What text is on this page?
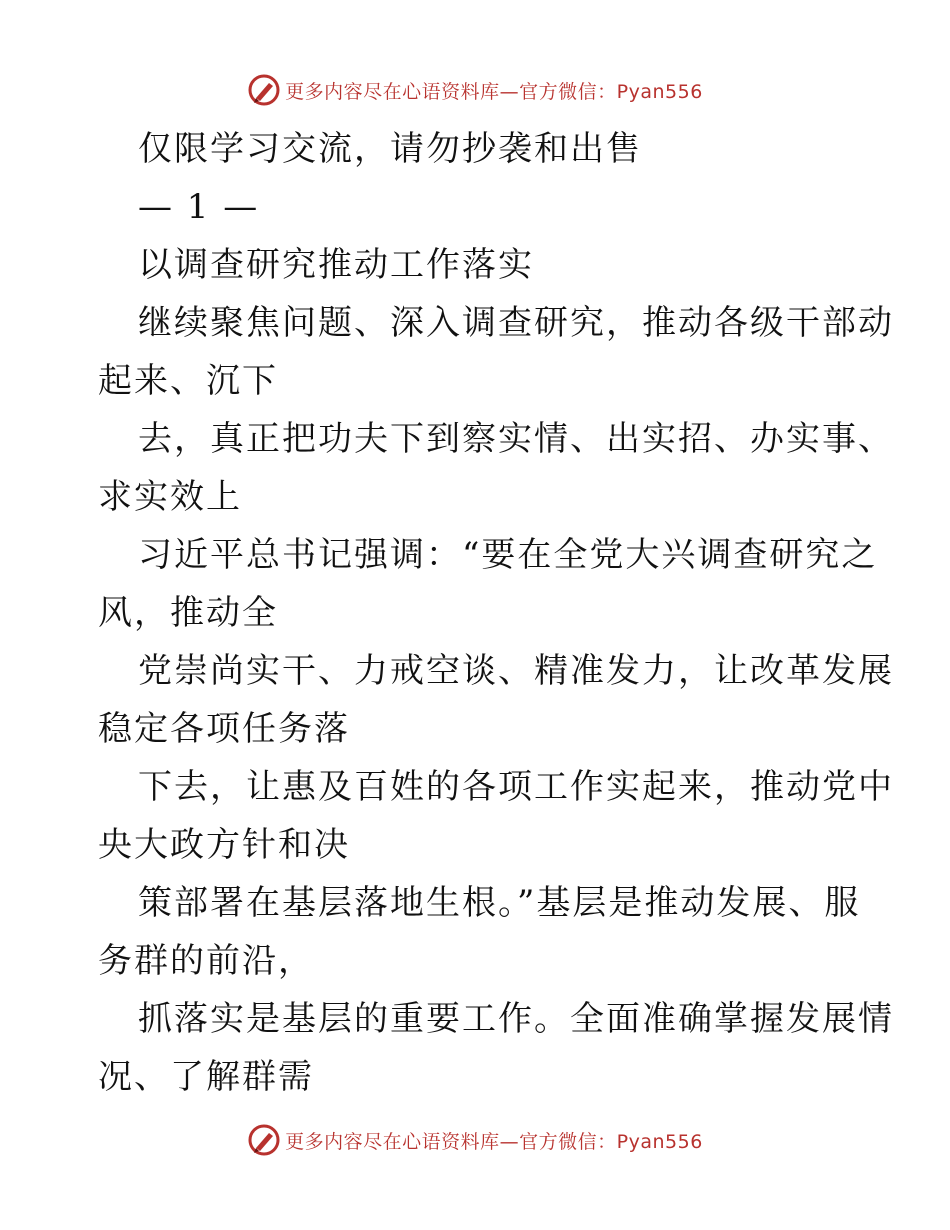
更多内容尽在心语资料库—官方微信：Pyan556
仅限学习交流，请勿抄袭和出售
— 1 —
以调查研究推动工作落实
继续聚焦问题、深入调查研究，推动各级干部动
起来、沉下
去，真正把功夫下到察实情、出实招、办实事、
求实效上
习近平总书记强调：“要在全党大兴调查研究之
风，推动全
党崇尚实干、力戒空谈、精准发力，让改革发展
稳定各项任务落
下去，让惠及百姓的各项工作实起来，推动党中
央大政方针和决
策部署在基层落地生根。”基层是推动发展、服
务群的前沿，
抓落实是基层的重要工作。全面准确掌握发展情
况、了解群需
更多内容尽在心语资料库—官方微信：Pyan556
